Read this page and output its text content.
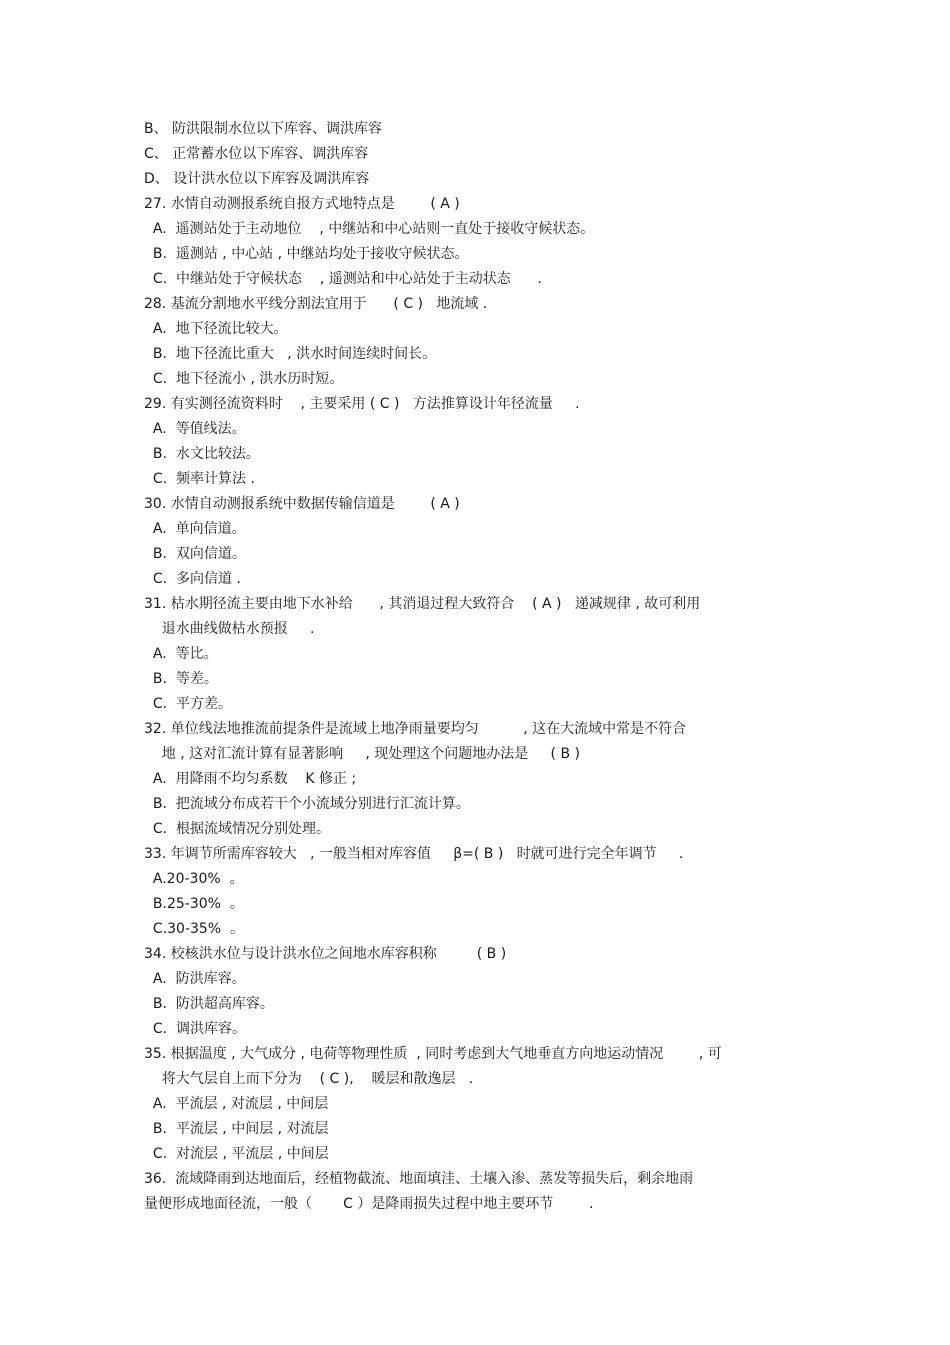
B、 防洪限制水位以下库容、调洪库容
C、 正常蓄水位以下库容、调洪库容
D、 设计洪水位以下库容及调洪库容
27. 水情自动测报系统自报方式地特点是        ( A )
A.  遥测站处于主动地位    , 中继站和中心站则一直处于接收守候状态。
B.  遥测站 , 中心站 , 中继站均处于接收守候状态。
C.  中继站处于守候状态    , 遥测站和中心站处于主动状态      .
28. 基流分割地水平线分割法宜用于      ( C )   地流域 .
A.  地下径流比较大。
B.  地下径流比重大   , 洪水时间连续时间长。
C.  地下径流小 , 洪水历时短。
29. 有实测径流资料时    , 主要采用 ( C )   方法推算设计年径流量     .
A.  等值线法。
B.  水文比较法。
C.  频率计算法 .
30. 水情自动测报系统中数据传输信道是        ( A )
A.  单向信道。
B.  双向信道。
C.  多向信道 .
31. 枯水期径流主要由地下水补给      , 其消退过程大致符合    ( A )   递减规律 , 故可利用
退水曲线做枯水预报     .
A.  等比。
B.  等差。
C.  平方差。
32. 单位线法地推流前提条件是流域上地净雨量要均匀          , 这在大流域中常是不符合
地 , 这对汇流计算有显著影响     , 现处理这个问题地办法是     ( B )
A.  用降雨不均匀系数    K 修正 ;
B.  把流域分布成若干个小流域分别进行汇流计算。
C.  根据流域情况分别处理。
33. 年调节所需库容较大   , 一般当相对库容值     β=( B )   时就可进行完全年调节     .
A.20-30%  。
B.25-30%  。
C.30-35%  。
34. 校核洪水位与设计洪水位之间地水库容积称         ( B )
A.  防洪库容。
B.  防洪超高库容。
C.  调洪库容。
35. 根据温度 , 大气成分 , 电荷等物理性质  , 同时考虑到大气地垂直方向地运动情况        , 可
将大气层自上而下分为    ( C ),    暖层和散逸层   .
A.  平流层 , 对流层 , 中间层
B.  平流层 , 中间层 , 对流层
C.  对流层 , 平流层 , 中间层
36.  流域降雨到达地面后，经植物截流、地面填洼、土壤入渗、蒸发等损失后，剩余地雨
量便形成地面径流，一般（       C ）是降雨损失过程中地主要环节        .
